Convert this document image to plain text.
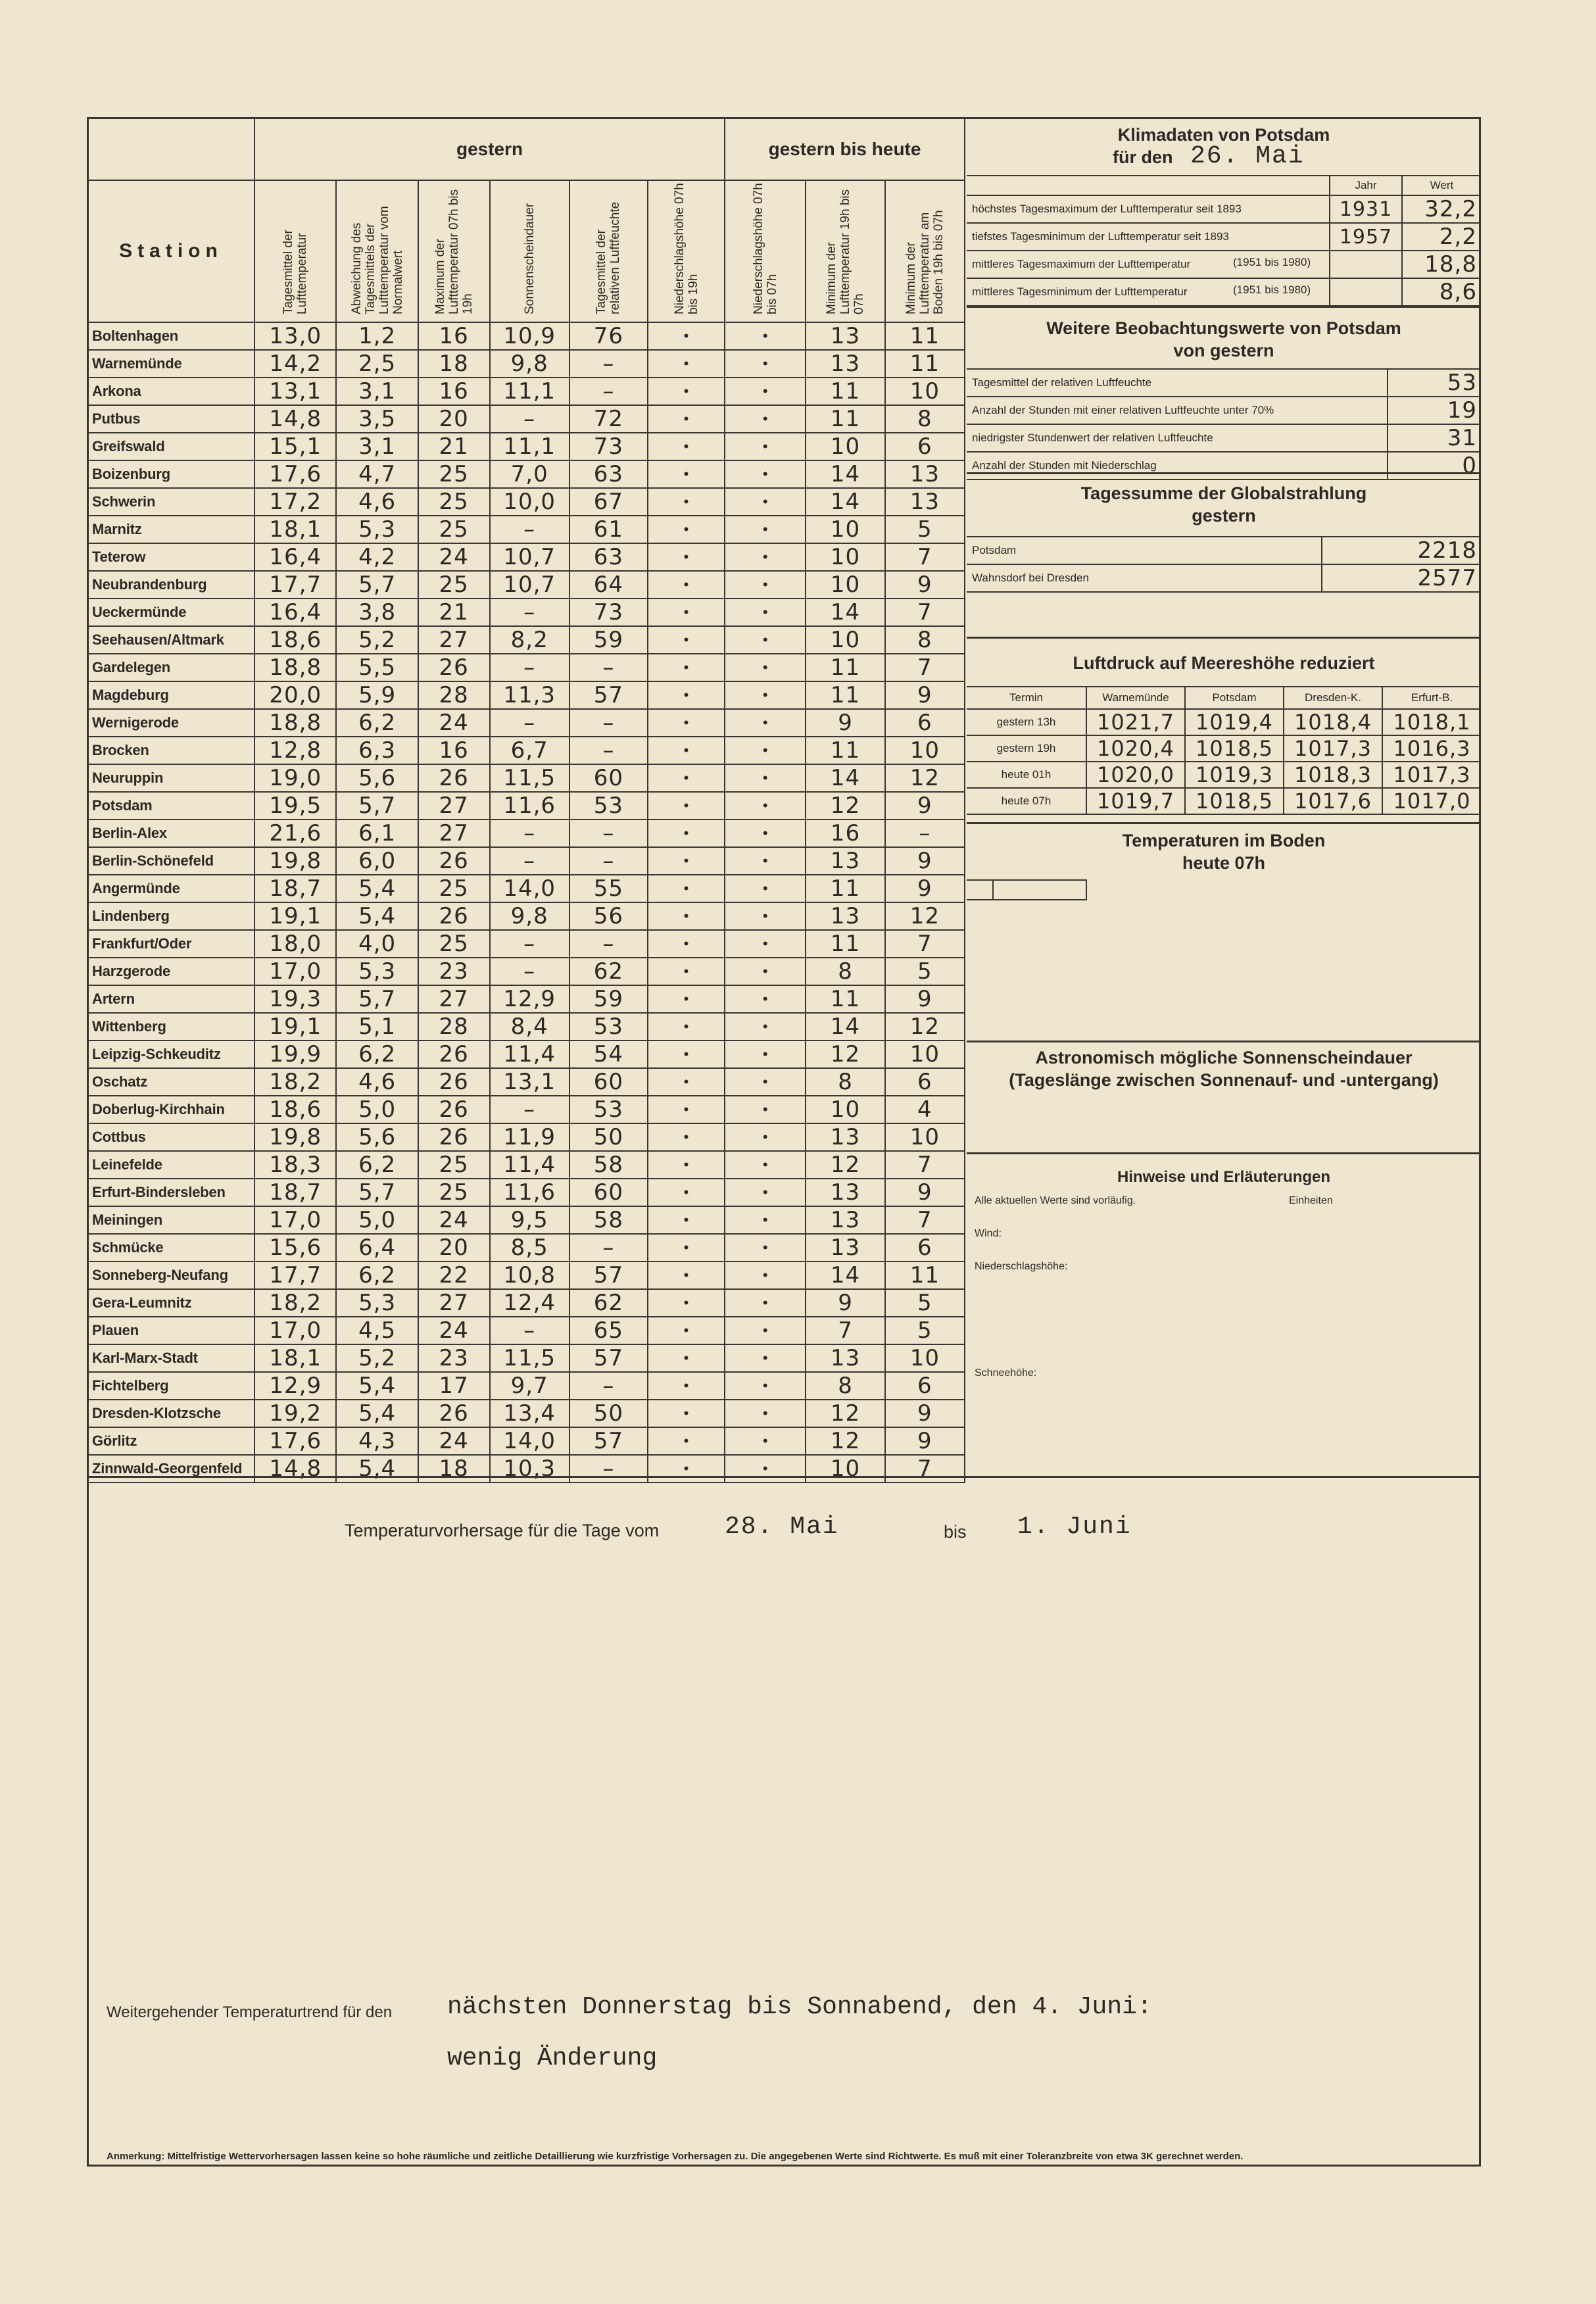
	gestern						gestern bis heute		
Station	Tagesmittel der Lufttemperatur	Abweichung des Tagesmittels der Lufttemperatur vom Normalwert	Maximum der Lufttemperatur 07h bis 19h	Sonnenscheindauer	Tagesmittel der relativen Luftfeuchte	Niederschlagshöhe 07h bis 19h	Niederschlagshöhe 07h bis 07h	Minimum der Lufttemperatur 19h bis 07h	Minimum der Lufttemperatur am Boden 19h bis 07h
Boltenhagen	13,0	1,2	16	10,9	76	•	•	13	11
Warnemünde	14,2	2,5	18	9,8	–	•	•	13	11
Arkona	13,1	3,1	16	11,1	–	•	•	11	10
Putbus	14,8	3,5	20	–	72	•	•	11	8
Greifswald	15,1	3,1	21	11,1	73	•	•	10	6
Boizenburg	17,6	4,7	25	7,0	63	•	•	14	13
Schwerin	17,2	4,6	25	10,0	67	•	•	14	13
Marnitz	18,1	5,3	25	–	61	•	•	10	5
Teterow	16,4	4,2	24	10,7	63	•	•	10	7
Neubrandenburg	17,7	5,7	25	10,7	64	•	•	10	9
Ueckermünde	16,4	3,8	21	–	73	•	•	14	7
Seehausen/Altmark	18,6	5,2	27	8,2	59	•	•	10	8
Gardelegen	18,8	5,5	26	–	–	•	•	11	7
Magdeburg	20,0	5,9	28	11,3	57	•	•	11	9
Wernigerode	18,8	6,2	24	–	–	•	•	9	6
Brocken	12,8	6,3	16	6,7	–	•	•	11	10
Neuruppin	19,0	5,6	26	11,5	60	•	•	14	12
Potsdam	19,5	5,7	27	11,6	53	•	•	12	9
Berlin-Alex	21,6	6,1	27	–	–	•	•	16	–
Berlin-Schönefeld	19,8	6,0	26	–	–	•	•	13	9
Angermünde	18,7	5,4	25	14,0	55	•	•	11	9
Lindenberg	19,1	5,4	26	9,8	56	•	•	13	12
Frankfurt/Oder	18,0	4,0	25	–	–	•	•	11	7
Harzgerode	17,0	5,3	23	–	62	•	•	8	5
Artern	19,3	5,7	27	12,9	59	•	•	11	9
Wittenberg	19,1	5,1	28	8,4	53	•	•	14	12
Leipzig-Schkeuditz	19,9	6,2	26	11,4	54	•	•	12	10
Oschatz	18,2	4,6	26	13,1	60	•	•	8	6
Doberlug-Kirchhain	18,6	5,0	26	–	53	•	•	10	4
Cottbus	19,8	5,6	26	11,9	50	•	•	13	10
Leinefelde	18,3	6,2	25	11,4	58	•	•	12	7
Erfurt-Bindersleben	18,7	5,7	25	11,6	60	•	•	13	9
Meiningen	17,0	5,0	24	9,5	58	•	•	13	7
Schmücke	15,6	6,4	20	8,5	–	•	•	13	6
Sonneberg-Neufang	17,7	6,2	22	10,8	57	•	•	14	11
Gera-Leumnitz	18,2	5,3	27	12,4	62	•	•	9	5
Plauen	17,0	4,5	24	–	65	•	•	7	5
Karl-Marx-Stadt	18,1	5,2	23	11,5	57	•	•	13	10
Fichtelberg	12,9	5,4	17	9,7	–	•	•	8	6
Dresden-Klotzsche	19,2	5,4	26	13,4	50	•	•	12	9
Görlitz	17,6	4,3	24	14,0	57	•	•	12	9
Zinnwald-Georgenfeld	14,8	5,4	18	10,3	–	•	•	10	7
Klimadaten von Potsdam
für den 26. Mai
	Jahr	Wert
höchstes Tagesmaximum der Lufttemperatur seit 1893	1931	32,2
tiefstes Tagesminimum der Lufttemperatur seit 1893	1957	2,2
mittleres Tagesmaximum der Lufttemperatur (1951 bis 1980)		18,8
mittleres Tagesminimum der Lufttemperatur (1951 bis 1980)		8,6
Weitere Beobachtungswerte von Potsdam
von gestern
Tagesmittel der relativen Luftfeuchte	53
Anzahl der Stunden mit einer relativen Luftfeuchte unter 70%	19
niedrigster Stundenwert der relativen Luftfeuchte	31
Anzahl der Stunden mit Niederschlag	0
Tagessumme der Globalstrahlung
gestern
Potsdam	2218
Wahnsdorf bei Dresden	2577
Luftdruck auf Meereshöhe reduziert
Termin	Warnemünde	Potsdam	Dresden-K.	Erfurt-B.
gestern 13h	1021,7	1019,4	1018,4	1018,1
gestern 19h	1020,4	1018,5	1017,3	1016,3
heute 01h	1020,0	1019,3	1018,3	1017,3
heute 07h	1019,7	1018,5	1017,6	1017,0
Temperaturen im Boden
heute 07h

Astronomisch mögliche Sonnenscheindauer
(Tageslänge zwischen Sonnenauf- und -untergang)

Hinweise und Erläuterungen
Alle aktuellen Werte sind vorläufig.	Einheiten
Wind:
Niederschlagshöhe:
Schneehöhe:
Temperaturvorhersage für die Tage vom	28. Mai	bis 1. Juni
Weitergehender Temperaturtrend für den nächsten Donnerstag bis Sonnabend, den 4. Juni:
wenig Änderung
Anmerkung: Mittelfristige Wettervorhersagen lassen keine so hohe räumliche und zeitliche Detaillierung wie kurzfristige Vorhersagen zu. Die angegebenen Werte sind Richtwerte. Es muß mit einer Toleranzbreite von etwa 3K gerechnet werden.
